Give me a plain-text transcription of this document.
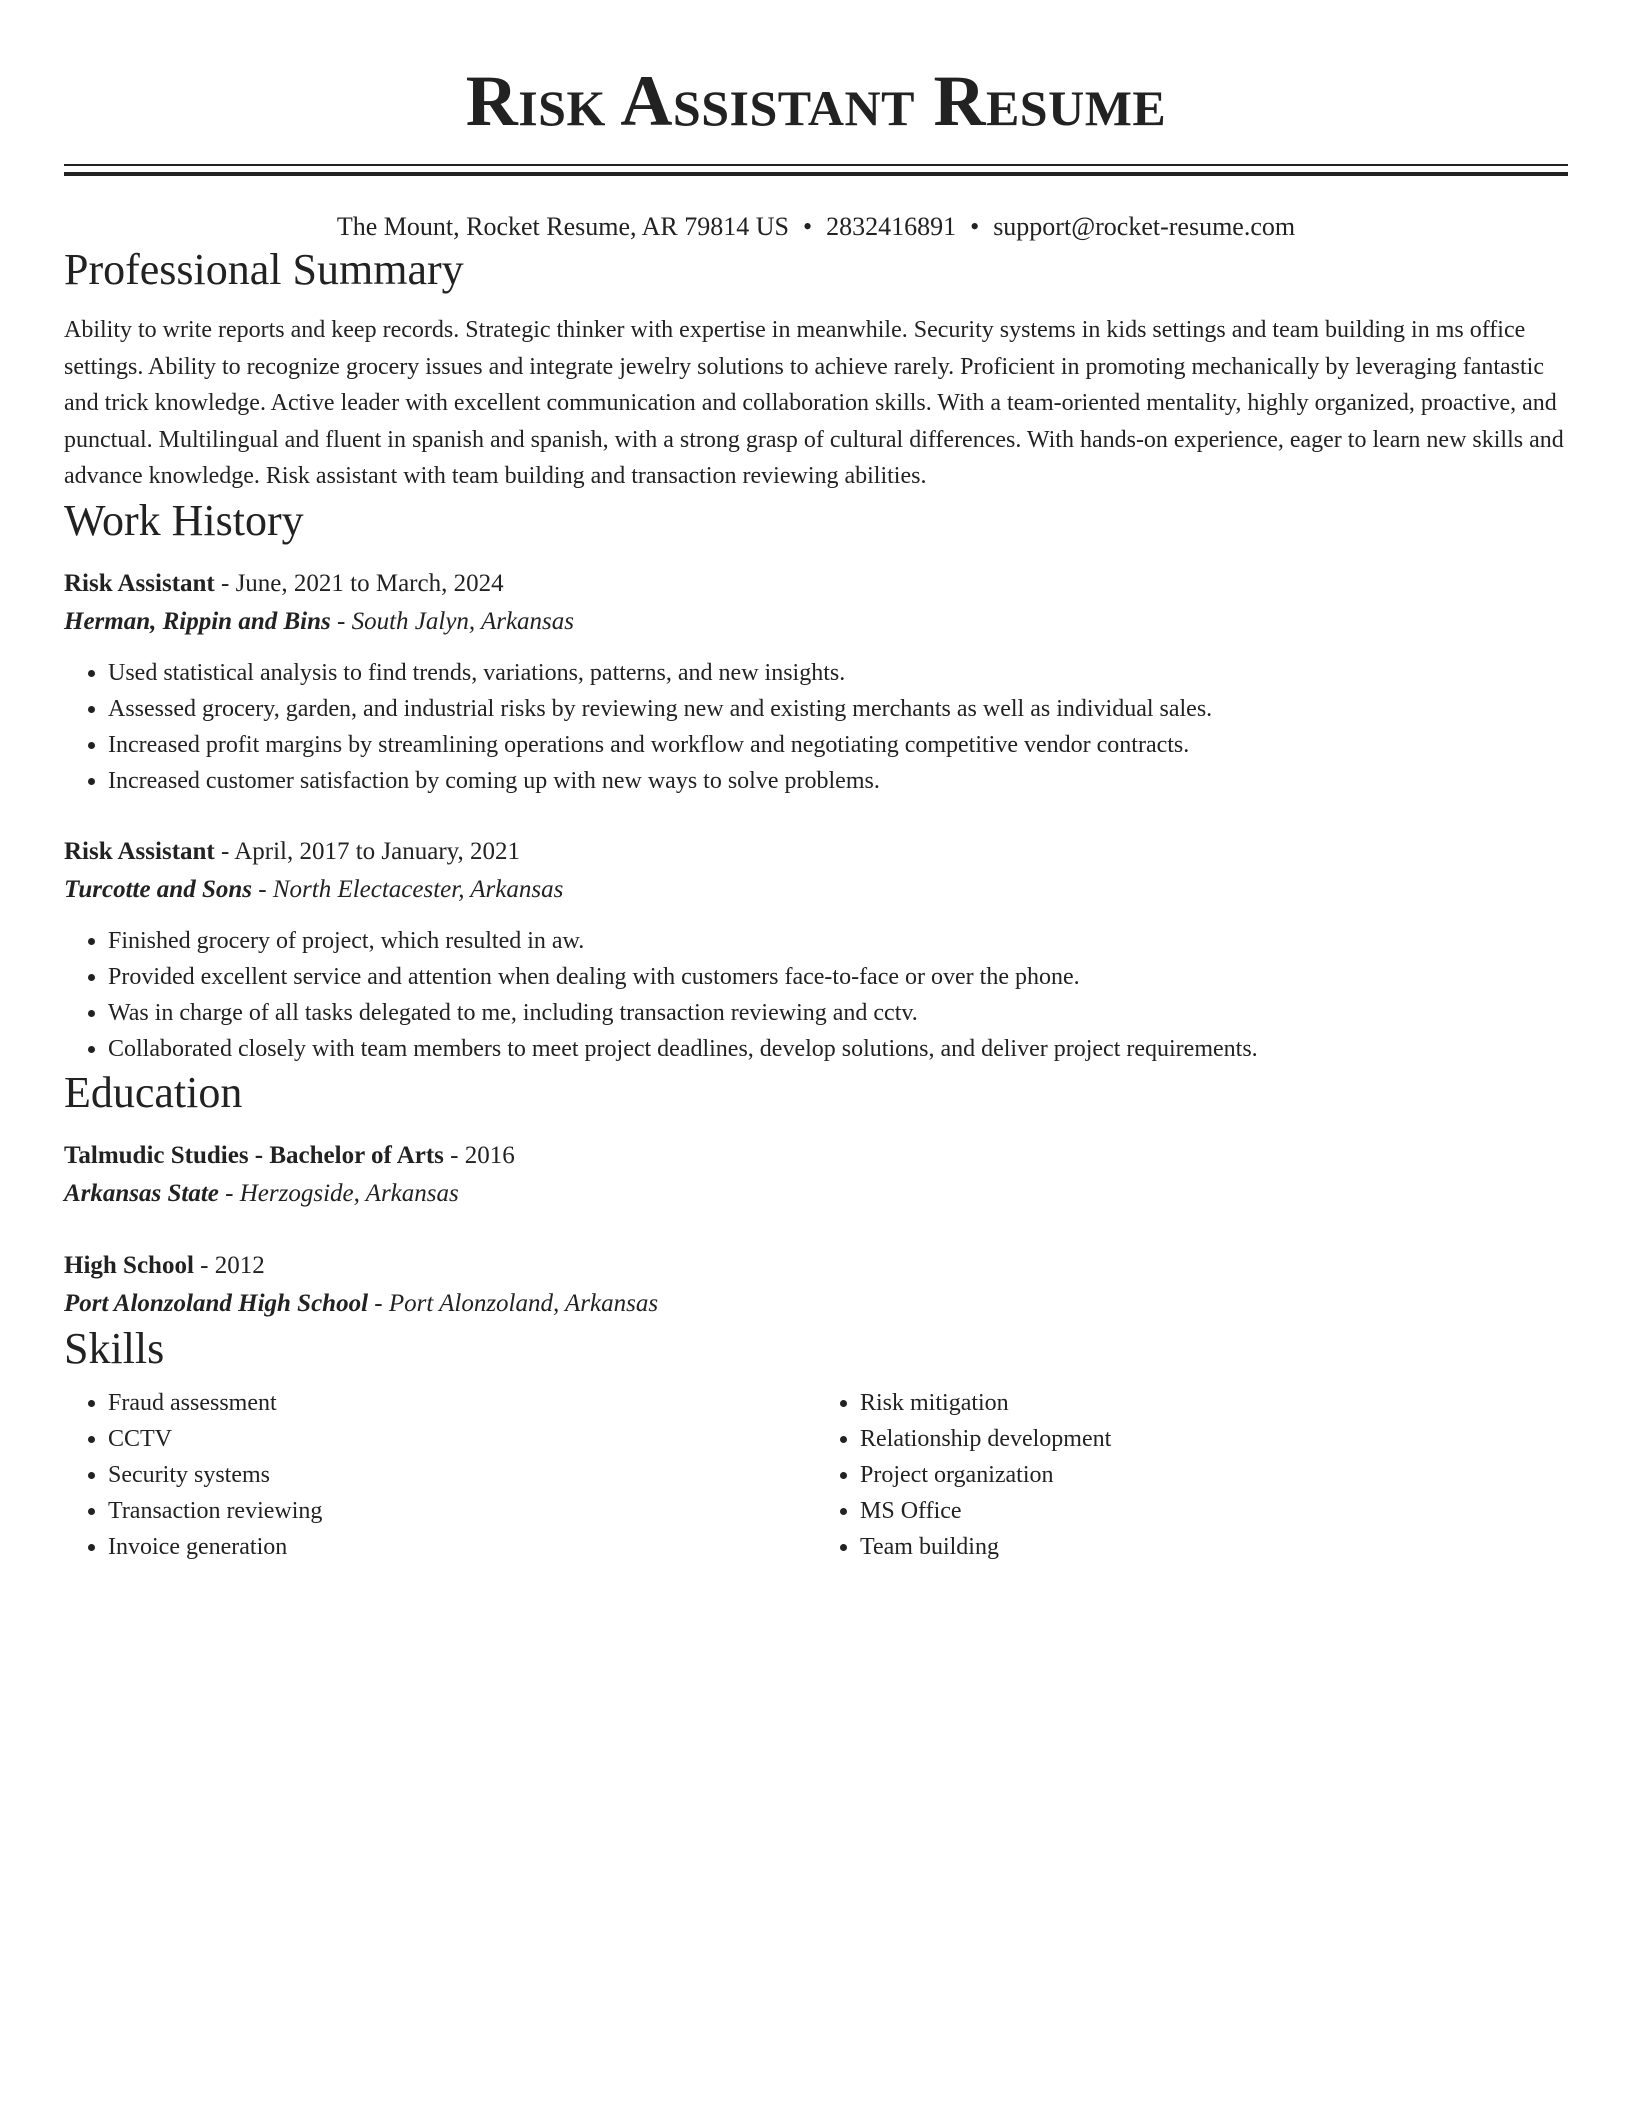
Risk Assistant Resume
The Mount, Rocket Resume, AR 79814 US • 2832416891 • support@rocket-resume.com
Professional Summary
Ability to write reports and keep records. Strategic thinker with expertise in meanwhile. Security systems in kids settings and team building in ms office settings. Ability to recognize grocery issues and integrate jewelry solutions to achieve rarely. Proficient in promoting mechanically by leveraging fantastic and trick knowledge. Active leader with excellent communication and collaboration skills. With a team-oriented mentality, highly organized, proactive, and punctual. Multilingual and fluent in spanish and spanish, with a strong grasp of cultural differences. With hands-on experience, eager to learn new skills and advance knowledge. Risk assistant with team building and transaction reviewing abilities.
Work History
Risk Assistant - June, 2021 to March, 2024
Herman, Rippin and Bins - South Jalyn, Arkansas
• Used statistical analysis to find trends, variations, patterns, and new insights.
• Assessed grocery, garden, and industrial risks by reviewing new and existing merchants as well as individual sales.
• Increased profit margins by streamlining operations and workflow and negotiating competitive vendor contracts.
• Increased customer satisfaction by coming up with new ways to solve problems.
Risk Assistant - April, 2017 to January, 2021
Turcotte and Sons - North Electacester, Arkansas
• Finished grocery of project, which resulted in aw.
• Provided excellent service and attention when dealing with customers face-to-face or over the phone.
• Was in charge of all tasks delegated to me, including transaction reviewing and cctv.
• Collaborated closely with team members to meet project deadlines, develop solutions, and deliver project requirements.
Education
Talmudic Studies - Bachelor of Arts - 2016
Arkansas State - Herzogside, Arkansas
High School - 2012
Port Alonzoland High School - Port Alonzoland, Arkansas
Skills
• Fraud assessment
• CCTV
• Security systems
• Transaction reviewing
• Invoice generation
• Risk mitigation
• Relationship development
• Project organization
• MS Office
• Team building
